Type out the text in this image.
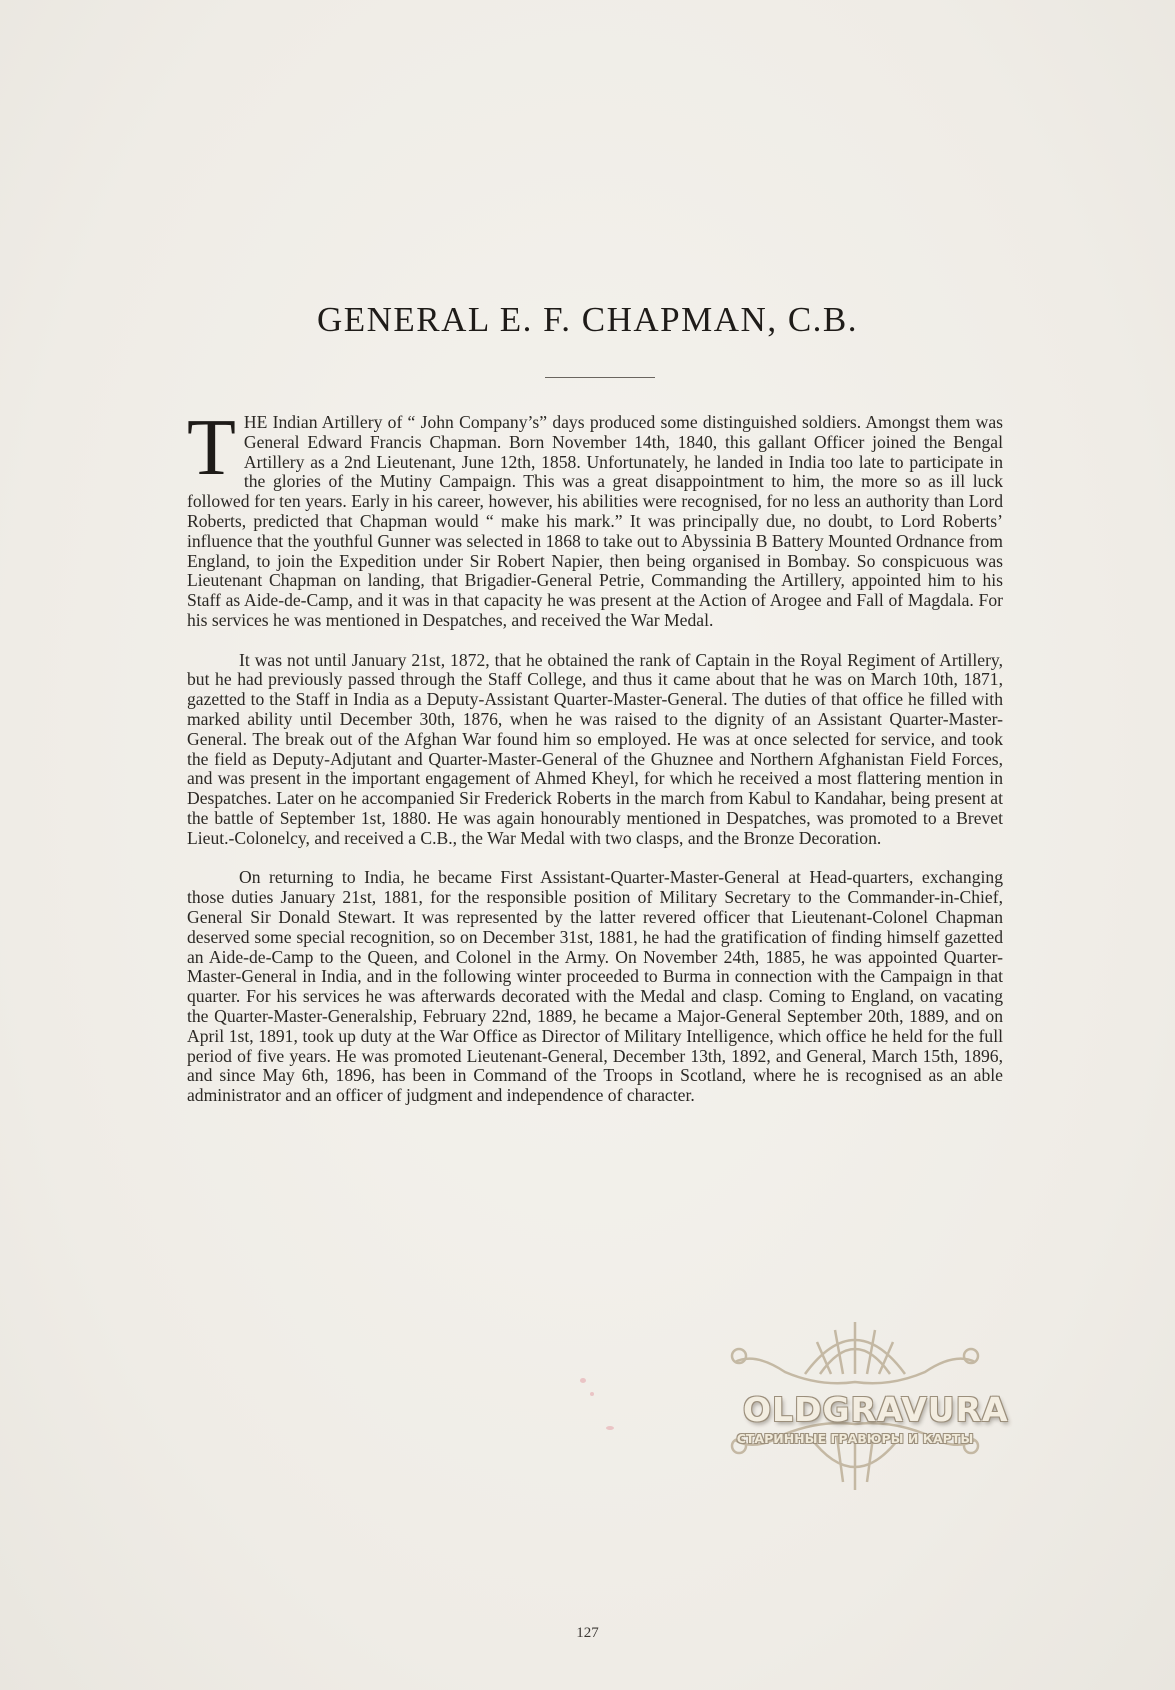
GENERAL E. F. CHAPMAN, C.B.

THE Indian Artillery of “ John Company’s” days produced some distinguished soldiers. Amongst them was General Edward Francis Chapman. Born November 14th, 1840, this gallant Officer joined the Bengal Artillery as a 2nd Lieutenant, June 12th, 1858. Unfortunately, he landed in India too late to participate in the glories of the Mutiny Campaign. This was a great disappointment to him, the more so as ill luck followed for ten years. Early in his career, however, his abilities were recognised, for no less an authority than Lord Roberts, predicted that Chapman would “ make his mark.” It was principally due, no doubt, to Lord Roberts’ influence that the youthful Gunner was selected in 1868 to take out to Abyssinia B Battery Mounted Ordnance from England, to join the Expedition under Sir Robert Napier, then being organised in Bombay. So conspicuous was Lieutenant Chapman on landing, that Brigadier-General Petrie, Commanding the Artillery, appointed him to his Staff as Aide-de-Camp, and it was in that capacity he was present at the Action of Arogee and Fall of Magdala. For his services he was mentioned in Despatches, and received the War Medal.

It was not until January 21st, 1872, that he obtained the rank of Captain in the Royal Regiment of Artillery, but he had previously passed through the Staff College, and thus it came about that he was on March 10th, 1871, gazetted to the Staff in India as a Deputy-Assistant Quarter-Master-General. The duties of that office he filled with marked ability until December 30th, 1876, when he was raised to the dignity of an Assistant Quarter-Master-General. The break out of the Afghan War found him so employed. He was at once selected for service, and took the field as Deputy-Adjutant and Quarter-Master-General of the Ghuznee and Northern Afghanistan Field Forces, and was present in the important engagement of Ahmed Kheyl, for which he received a most flattering mention in Despatches. Later on he accompanied Sir Frederick Roberts in the march from Kabul to Kandahar, being present at the battle of September 1st, 1880. He was again honourably mentioned in Despatches, was promoted to a Brevet Lieut.-Colonelcy, and received a C.B., the War Medal with two clasps, and the Bronze Decoration.

On returning to India, he became First Assistant-Quarter-Master-General at Head-quarters, exchanging those duties January 21st, 1881, for the responsible position of Military Secretary to the Commander-in-Chief, General Sir Donald Stewart. It was represented by the latter revered officer that Lieutenant-Colonel Chapman deserved some special recognition, so on December 31st, 1881, he had the gratification of finding himself gazetted an Aide-de-Camp to the Queen, and Colonel in the Army. On November 24th, 1885, he was appointed Quarter-Master-General in India, and in the following winter proceeded to Burma in connection with the Campaign in that quarter. For his services he was afterwards decorated with the Medal and clasp. Coming to England, on vacating the Quarter-Master-Generalship, February 22nd, 1889, he became a Major-General September 20th, 1889, and on April 1st, 1891, took up duty at the War Office as Director of Military Intelligence, which office he held for the full period of five years. He was promoted Lieutenant-General, December 13th, 1892, and General, March 15th, 1896, and since May 6th, 1896, has been in Command of the Troops in Scotland, where he is recognised as an able administrator and an officer of judgment and independence of character.

OLDGRAVURA
СТАРИННЫЕ ГРАВЮРЫ И КАРТЫ
127
